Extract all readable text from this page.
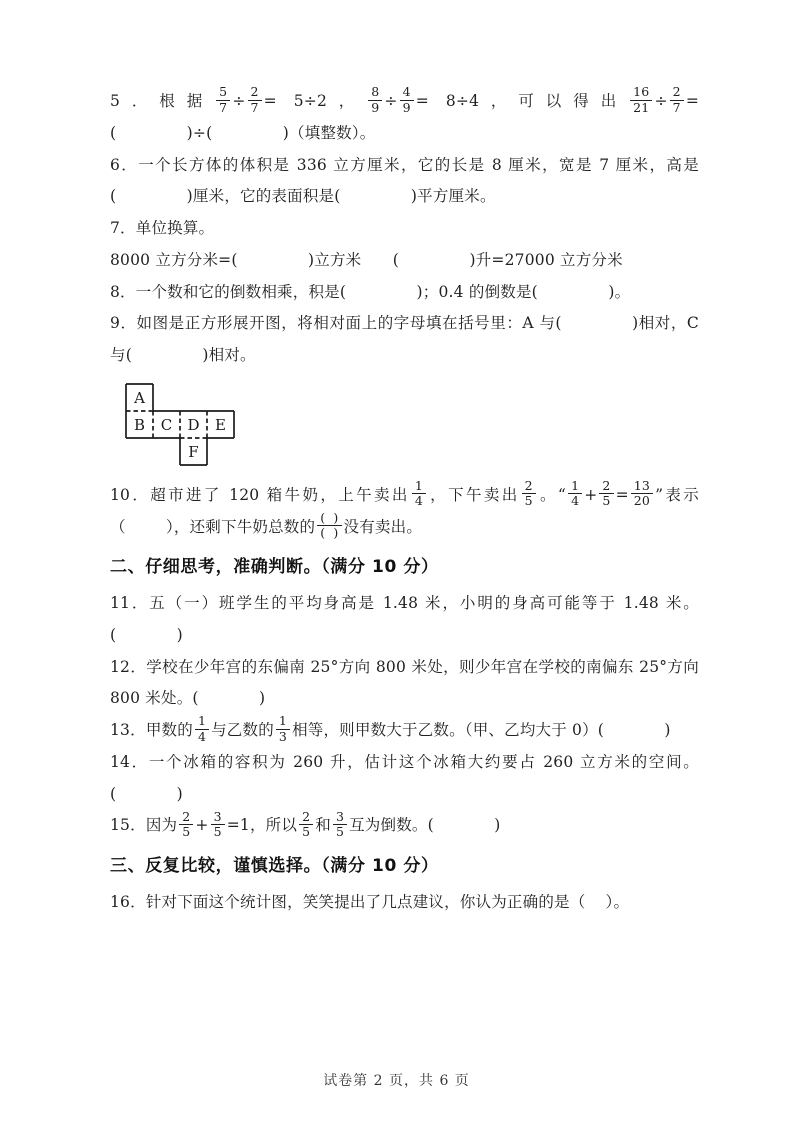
5．根据 $\frac{5}{7} \div \frac{2}{7} = 5\div 2$， $\frac{8}{9} \div \frac{4}{9} = 8\div 4$，可以得出 $\frac{16}{21} \div \frac{2}{7}$ =(       )÷(       )（填整数）。

6．一个长方体的体积是 336 立方厘米，它的长是 8 厘米，宽是 7 厘米，高是(       )厘米，它的表面积是(       )平方厘米。

7．单位换算。

8000 立方分米=(       )立方米  (       )升=27000 立方分米

8．一个数和它的倒数相乘，积是(       )；0.4 的倒数是(       )。

9．如图是正方形展开图，将相对面上的字母填在括号里：A 与(       )相对，C 与(       )相对。

A
B C D E
F

10．超市进了 120 箱牛奶，上午卖出 $\frac{1}{4}$ ，下午卖出 $\frac{2}{5}$ 。“ $\frac{1}{4} + \frac{2}{5} = \frac{13}{20}$ ”表示（    ），还剩下牛奶总数的 $\frac{( )}{( )}$ 没有卖出。

二、仔细思考，准确判断。（满分 10 分）

11．五（一）班学生的平均身高是 1.48 米，小明的身高可能等于 1.48 米。(      )

12．学校在少年宫的东偏南 25°方向 800 米处，则少年宫在学校的南偏东 25°方向 800 米处。(      )

13．甲数的 $\frac{1}{4}$ 与乙数的 $\frac{1}{3}$ 相等，则甲数大于乙数。（甲、乙均大于 0）(      )

14．一个冰箱的容积为 260 升，估计这个冰箱大约要占 260 立方米的空间。(      )

15．因为 $\frac{2}{5} + \frac{3}{5} =1$，所以 $\frac{2}{5}$ 和 $\frac{3}{5}$ 互为倒数。(      )

三、反复比较，谨慎选择。（满分 10 分）

16．针对下面这个统计图，笑笑提出了几点建议，你认为正确的是（  ）。

试卷第 2 页，共 6 页
